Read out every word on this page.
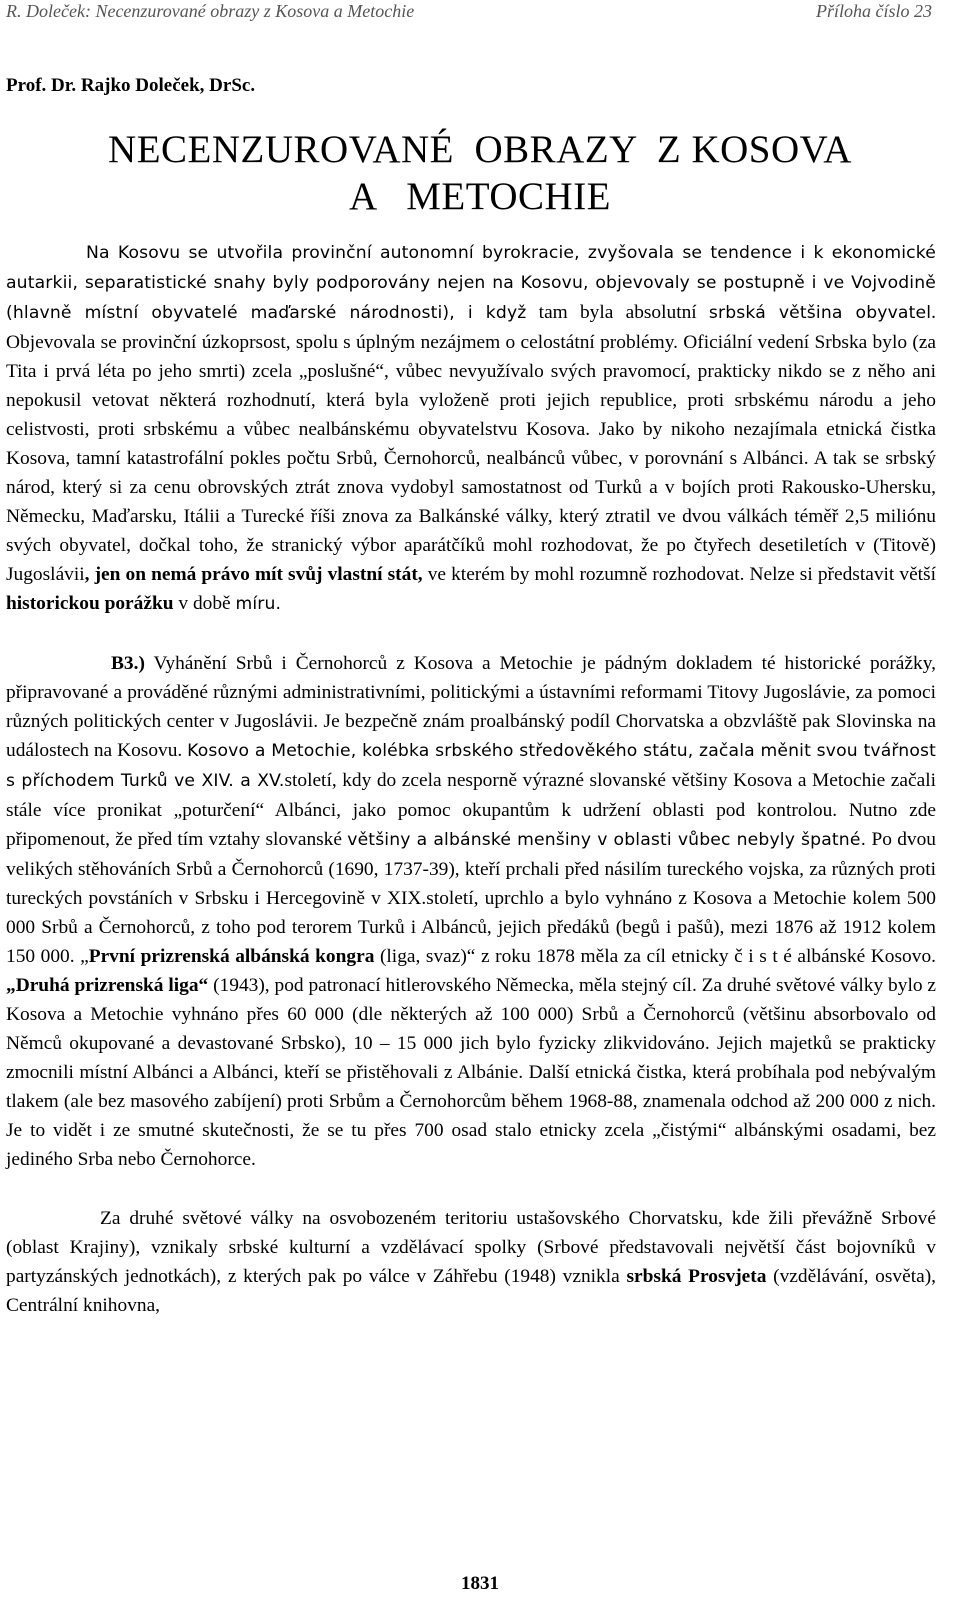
R. Doleček: Necenzurované obrazy z Kosova a Metochie	Příloha číslo 23
Prof. Dr. Rajko Doleček, DrSc.
NECENZUROVANÉ  OBRAZY  Z KOSOVA
A   METOCHIE

Na Kosovu se utvořila provinční autonomní byrokracie, zvyšovala se tendence i k ekonomické autarkii, separatistické snahy byly podporovány nejen na Kosovu, objevovaly se postupně i ve Vojvodině (hlavně místní obyvatelé maďarské národnosti), i když tam byla absolutní srbská většina obyvatel. Objevovala se provinční úzkoprsost, spolu s úplným nezájmem o celostátní problémy. Oficiální vedení Srbska bylo (za Tita i prvá léta po jeho smrti) zcela „poslušné“, vůbec nevyužívalo svých pravomocí, prakticky nikdo se z něho ani nepokusil vetovat některá rozhodnutí, která byla vyloženě proti jejich republice, proti srbskému národu a jeho celistvosti, proti srbskému a vůbec nealbánskému obyvatelstvu Kosova. Jako by nikoho nezajímala etnická čistka Kosova, tamní katastrofální pokles počtu Srbů, Černohorců, nealbánců vůbec, v porovnání s Albánci. A tak se srbský národ, který si za cenu obrovských ztrát znova vydobyl samostatnost od Turků a v bojích proti Rakousko-Uhersku, Německu, Maďarsku, Itálii a Turecké říši znova za Balkánské války, který ztratil ve dvou válkách téměř 2,5 miliónu svých obyvatel, dočkal toho, že stranický výbor aparátčíků mohl rozhodovat, že po čtyřech desetiletích v (Titově) Jugoslávii, jen on nemá právo mít svůj vlastní stát, ve kterém by mohl rozumně rozhodovat. Nelze si představit větší historickou porážku v době míru.

B3.) Vyhánění Srbů i Černohorců z Kosova a Metochie je pádným dokladem té historické porážky, připravované a prováděné různými administrativními, politickými a ústavními reformami Titovy Jugoslávie, za pomoci různých politických center v Jugoslávii. Je bezpečně znám proalbánský podíl Chorvatska a obzvláště pak Slovinska na událostech na Kosovu. Kosovo a Metochie, kolébka srbského středověkého státu, začala měnit svou tvářnost s příchodem Turků ve XIV. a XV.století, kdy do zcela nesporně výrazné slovanské většiny Kosova a Metochie začali stále více pronikat „poturčení“ Albánci, jako pomoc okupantům k udržení oblasti pod kontrolou. Nutno zde připomenout, že před tím vztahy slovanské většiny a albánské menšiny v oblasti vůbec nebyly špatné. Po dvou velikých stěhováních Srbů a Černohorců (1690, 1737-39), kteří prchali před násilím tureckého vojska, za různých proti tureckých povstáních v Srbsku i Hercegovině v XIX.století, uprchlo a bylo vyhnáno z Kosova a Metochie kolem 500 000 Srbů a Černohorců, z toho pod terorem Turků i Albánců, jejich předáků (begů i pašů), mezi 1876 až 1912 kolem 150 000. „První prizrenská albánská kongra (liga, svaz)“ z roku 1878 měla za cíl etnicky č i s t é albánské Kosovo. „Druhá prizrenská liga“ (1943), pod patronací hitlerovského Německa, měla stejný cíl. Za druhé světové války bylo z Kosova a Metochie vyhnáno přes 60 000 (dle některých až 100 000) Srbů a Černohorců (většinu absorbovalo od Němců okupované a devastované Srbsko), 10 – 15 000 jich bylo fyzicky zlikvidováno. Jejich majetků se prakticky zmocnili místní Albánci a Albánci, kteří se přistěhovali z Albánie. Další etnická čistka, která probíhala pod nebývalým tlakem (ale bez masového zabíjení) proti Srbům a Černohorcům během 1968-88, znamenala odchod až 200 000 z nich. Je to vidět i ze smutné skutečnosti, že se tu přes 700 osad stalo etnicky zcela „čistými“ albánskými osadami, bez jediného Srba nebo Černohorce.

Za druhé světové války na osvobozeném teritoriu ustašovského Chorvatsku, kde žili převážně Srbové (oblast Krajiny), vznikaly srbské kulturní a vzdělávací spolky (Srbové představovali největší část bojovníků v partyzánských jednotkách), z kterých pak po válce v Záhřebu (1948) vznikla srbská Prosvjeta (vzdělávání, osvěta), Centrální knihovna,

1831
